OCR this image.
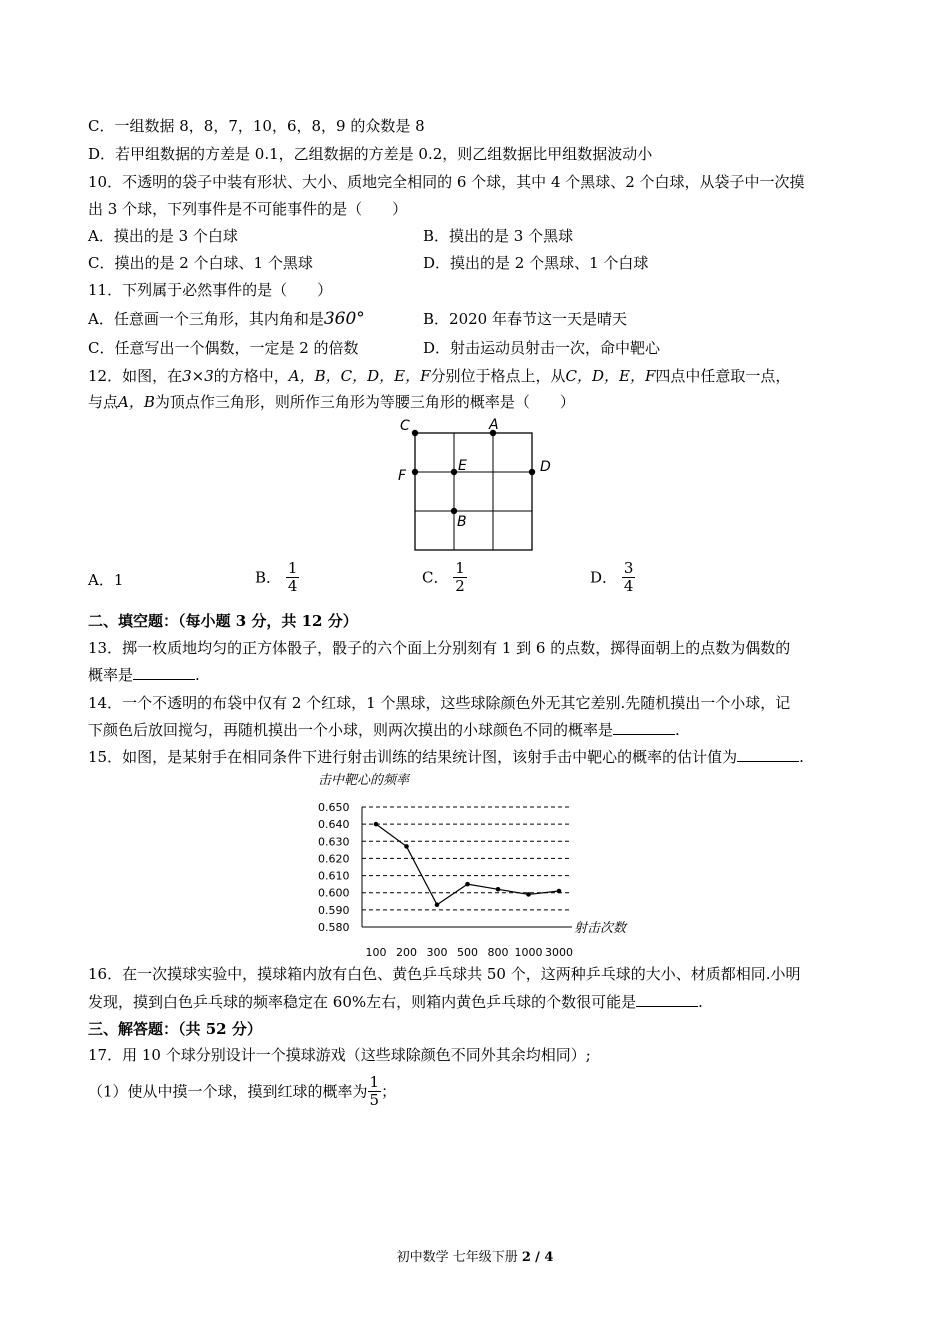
C．一组数据 8，8，7，10，6，8，9 的众数是 8
D．若甲组数据的方差是 0.1，乙组数据的方差是 0.2，则乙组数据比甲组数据波动小
10．不透明的袋子中装有形状、大小、质地完全相同的 6 个球，其中 4 个黑球、2 个白球，从袋子中一次摸
出 3 个球，下列事件是不可能事件的是（　　）
A．摸出的是 3 个白球	B．摸出的是 3 个黑球
C．摸出的是 2 个白球、1 个黑球	D．摸出的是 2 个黑球、1 个白球
11．下列属于必然事件的是（　　）
A．任意画一个三角形，其内角和是360°	B．2020 年春节这一天是晴天
C．任意写出一个偶数，一定是 2 的倍数	D．射击运动员射击一次，命中靶心
12．如图，在3×3的方格中，A，B，C，D，E，F分别位于格点上，从C，D，E，F四点中任意取一点，
与点A，B为顶点作三角形，则所作三角形为等腰三角形的概率是（　　）
C	A
F
E	D
B
A．1	B． $\frac{1}{4}$	C． $\frac{1}{2}$	D． $\frac{3}{4}$
二、填空题：（每小题 3 分，共 12 分）
13．掷一枚质地均匀的正方体骰子，骰子的六个面上分别刻有 1 到 6 的点数，掷得面朝上的点数为偶数的
概率是	.
14．一个不透明的布袋中仅有 2 个红球，1 个黑球，这些球除颜色外无其它差别.先随机摸出一个小球，记
下颜色后放回搅匀，再随机摸出一个小球，则两次摸出的小球颜色不同的概率是	.
15．如图，是某射手在相同条件下进行射击训练的结果统计图，该射手击中靶心的概率的估计值为	.
击中靶心的频率
0.650
0.640
0.630
0.620
0.610
0.600
0.590
0.580
100 200 300 500 800 1000 3000
射击次数
16．在一次摸球实验中，摸球箱内放有白色、黄色乒乓球共 50 个，这两种乒乓球的大小、材质都相同.小明
发现，摸到白色乒乓球的频率稳定在 60%左右，则箱内黄色乒乓球的个数很可能是	.
三、解答题：（共 52 分）
17．用 10 个球分别设计一个摸球游戏（这些球除颜色不同外其余均相同）;
（1）使从中摸一个球，摸到红球的概率为 $\frac{1}{5}$ ；
初中数学 七年级下册 2 / 4
